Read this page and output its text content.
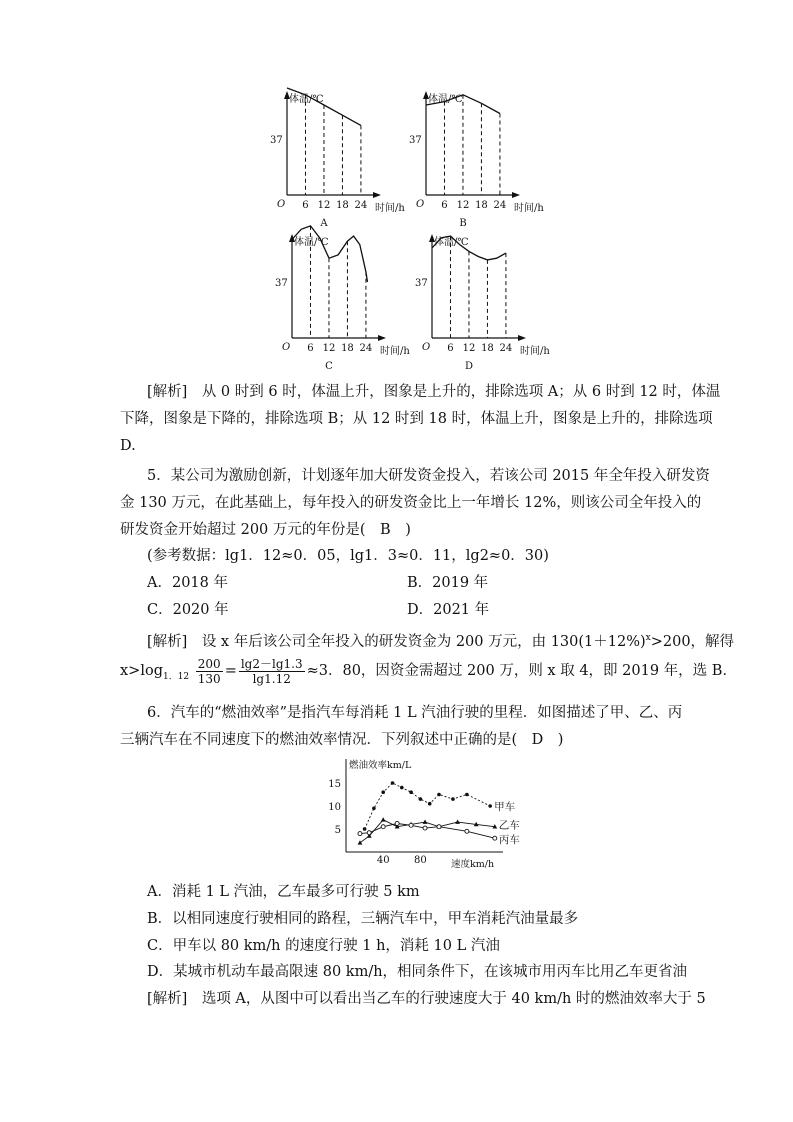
体温/℃
时间/h
37
O 6 12 18 24
A
体温/℃
时间/h
37
O 6 12 18 24
B
体温/℃
时间/h
37
O 6 12 18 24
C
体温/℃
时间/h
37
O 6 12 18 24
D
[解析]　从 0 时到 6 时，体温上升，图象是上升的，排除选项 A；从 6 时到 12 时，体温
下降，图象是下降的，排除选项 B；从 12 时到 18 时，体温上升，图象是上升的，排除选项
D.
5．某公司为激励创新，计划逐年加大研发资金投入，若该公司 2015 年全年投入研发资
金 130 万元，在此基础上，每年投入的研发资金比上一年增长 12%，则该公司全年投入的
研发资金开始超过 200 万元的年份是(　B　)
(参考数据：lg1．12≈0．05，lg1．3≈0．11，lg2≈0．30)
A．2018 年	B．2019 年
C．2020 年	D．2021 年
[解析]　设 x 年后该公司全年投入的研发资金为 200 万元，由 $130(1+12\%)^x>200$，解得
$x>\log_{1.12} \frac{200}{130} = \frac{\lg 2-\lg 1.3}{\lg 1.12} \approx 3$．80，因资金需超过 200 万，则 x 取 4，即 2019 年，选 B．
6．汽车的“燃油效率”是指汽车每消耗 1 L 汽油行驶的里程．如图描述了甲、乙、丙
三辆汽车在不同速度下的燃油效率情况．下列叙述中正确的是(　D　)
燃油效率km/L
速度km/h
15
10
5
40 80
甲车
乙车
丙车
A．消耗 1 L 汽油，乙车最多可行驶 5 km
B．以相同速度行驶相同的路程，三辆汽车中，甲车消耗汽油量最多
C．甲车以 80 km/h 的速度行驶 1 h，消耗 10 L 汽油
D．某城市机动车最高限速 80 km/h，相同条件下，在该城市用丙车比用乙车更省油
[解析]　选项 A，从图中可以看出当乙车的行驶速度大于 40 km/h 时的燃油效率大于 5
